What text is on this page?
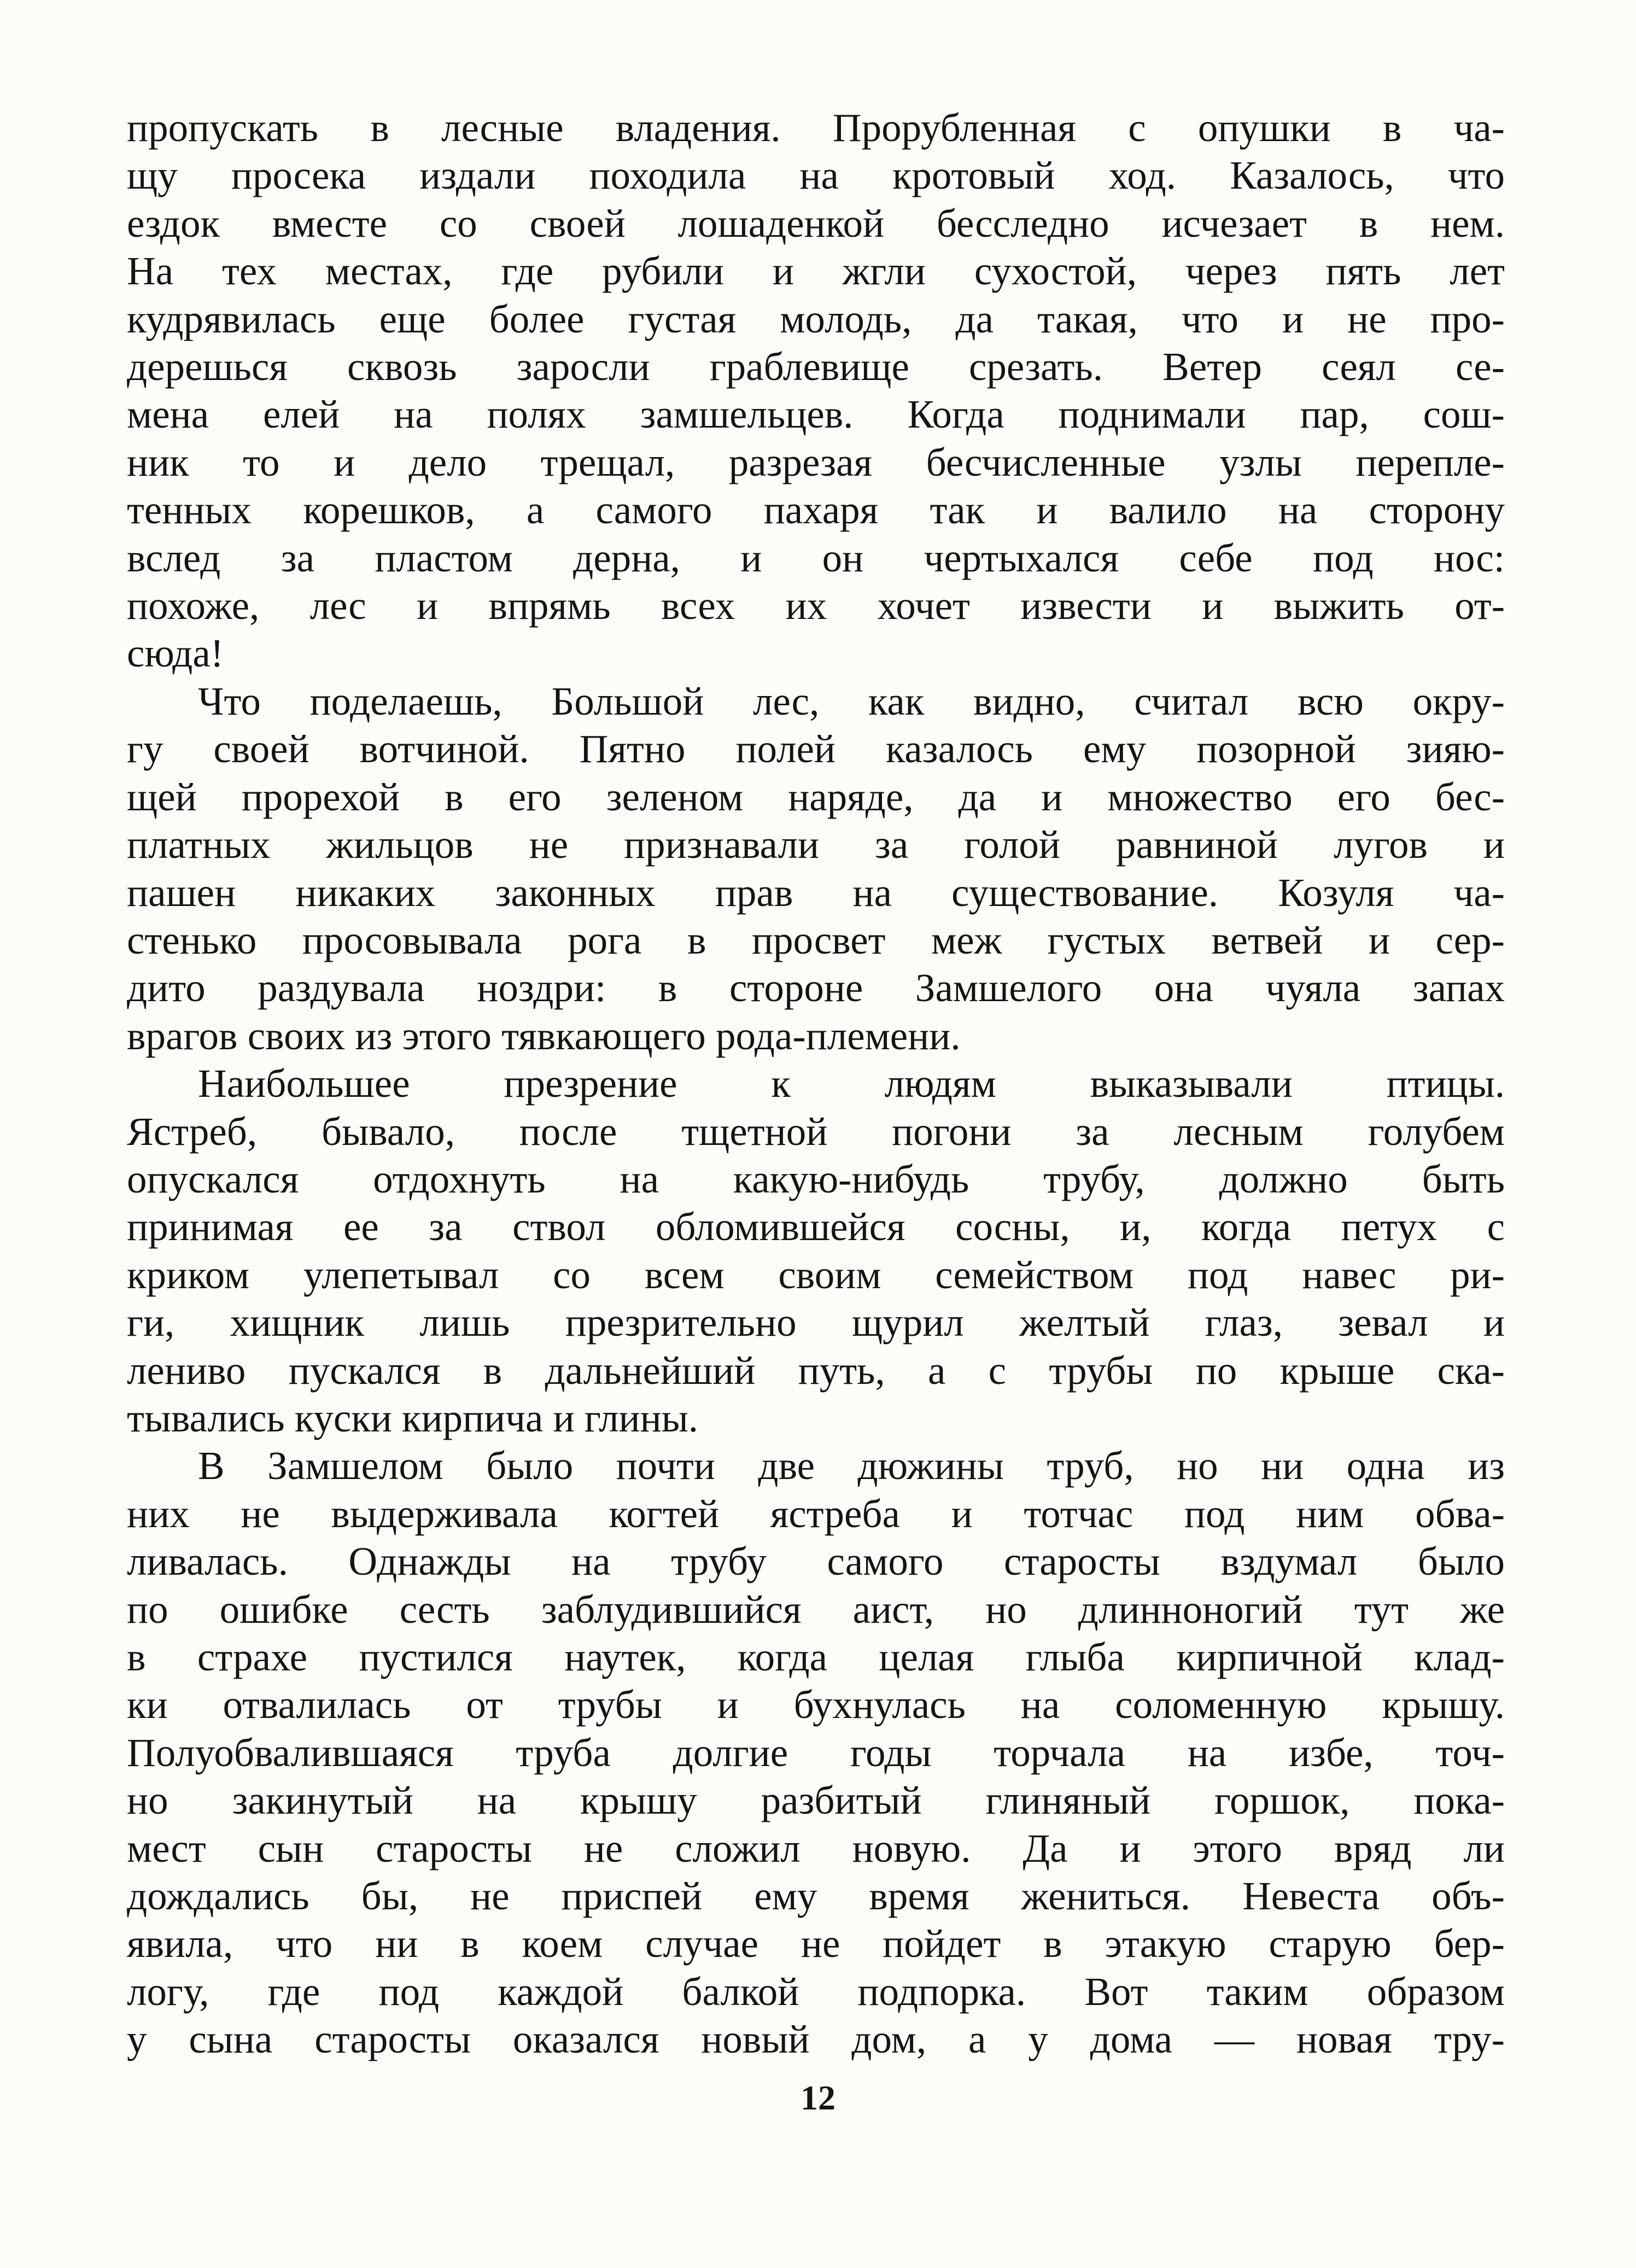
пропускать в лесные владения. Прорубленная с опушки в ча-
щу просека издали походила на кротовый ход. Казалось, что
ездок вместе со своей лошаденкой бесследно исчезает в нем.
На тех местах, где рубили и жгли сухостой, через пять лет
кудрявилась еще более густая молодь, да такая, что и не про-
дерешься сквозь заросли граблевище срезать. Ветер сеял се-
мена елей на полях замшельцев. Когда поднимали пар, сош-
ник то и дело трещал, разрезая бесчисленные узлы перепле-
тенных корешков, а самого пахаря так и валило на сторону
вслед за пластом дерна, и он чертыхался себе под нос:
похоже, лес и впрямь всех их хочет извести и выжить от-
сюда!
Что поделаешь, Большой лес, как видно, считал всю окру-
гу своей вотчиной. Пятно полей казалось ему позорной зияю-
щей прорехой в его зеленом наряде, да и множество его бес-
платных жильцов не признавали за голой равниной лугов и
пашен никаких законных прав на существование. Козуля ча-
стенько просовывала рога в просвет меж густых ветвей и сер-
дито раздувала ноздри: в стороне Замшелого она чуяла запах
врагов своих из этого тявкающего рода-племени.
Наибольшее презрение к людям выказывали птицы.
Ястреб, бывало, после тщетной погони за лесным голубем
опускался отдохнуть на какую-нибудь трубу, должно быть
принимая ее за ствол обломившейся сосны, и, когда петух с
криком улепетывал со всем своим семейством под навес ри-
ги, хищник лишь презрительно щурил желтый глаз, зевал и
лениво пускался в дальнейший путь, а с трубы по крыше ска-
тывались куски кирпича и глины.
В Замшелом было почти две дюжины труб, но ни одна из
них не выдерживала когтей ястреба и тотчас под ним обва-
ливалась. Однажды на трубу самого старосты вздумал было
по ошибке сесть заблудившийся аист, но длинноногий тут же
в страхе пустился наутек, когда целая глыба кирпичной клад-
ки отвалилась от трубы и бухнулась на соломенную крышу.
Полуобвалившаяся труба долгие годы торчала на избе, точ-
но закинутый на крышу разбитый глиняный горшок, пока-
мест сын старосты не сложил новую. Да и этого вряд ли
дождались бы, не приспей ему время жениться. Невеста объ-
явила, что ни в коем случае не пойдет в этакую старую бер-
логу, где под каждой балкой подпорка. Вот таким образом
у сына старосты оказался новый дом, а у дома — новая тру-
12
